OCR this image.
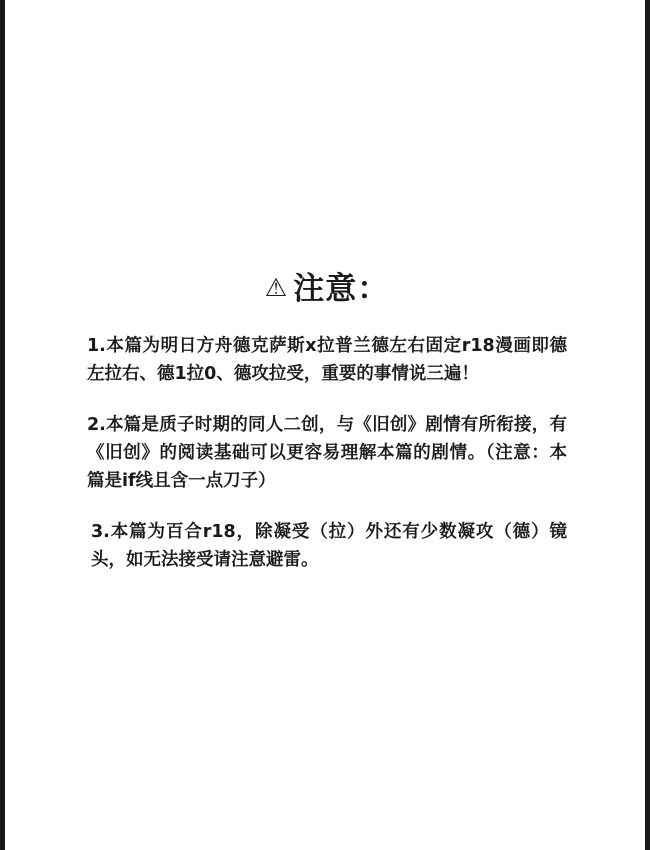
⚠ 注意：

1.本篇为明日方舟德克萨斯x拉普兰德左右固定r18漫画即德左拉右、德1拉0、德攻拉受，重要的事情说三遍！

2.本篇是质子时期的同人二创，与《旧创》剧情有所衔接，有《旧创》的阅读基础可以更容易理解本篇的剧情。（注意：本篇是if线且含一点刀子）

3.本篇为百合r18，除凝受（拉）外还有少数凝攻（德）镜头，如无法接受请注意避雷。
